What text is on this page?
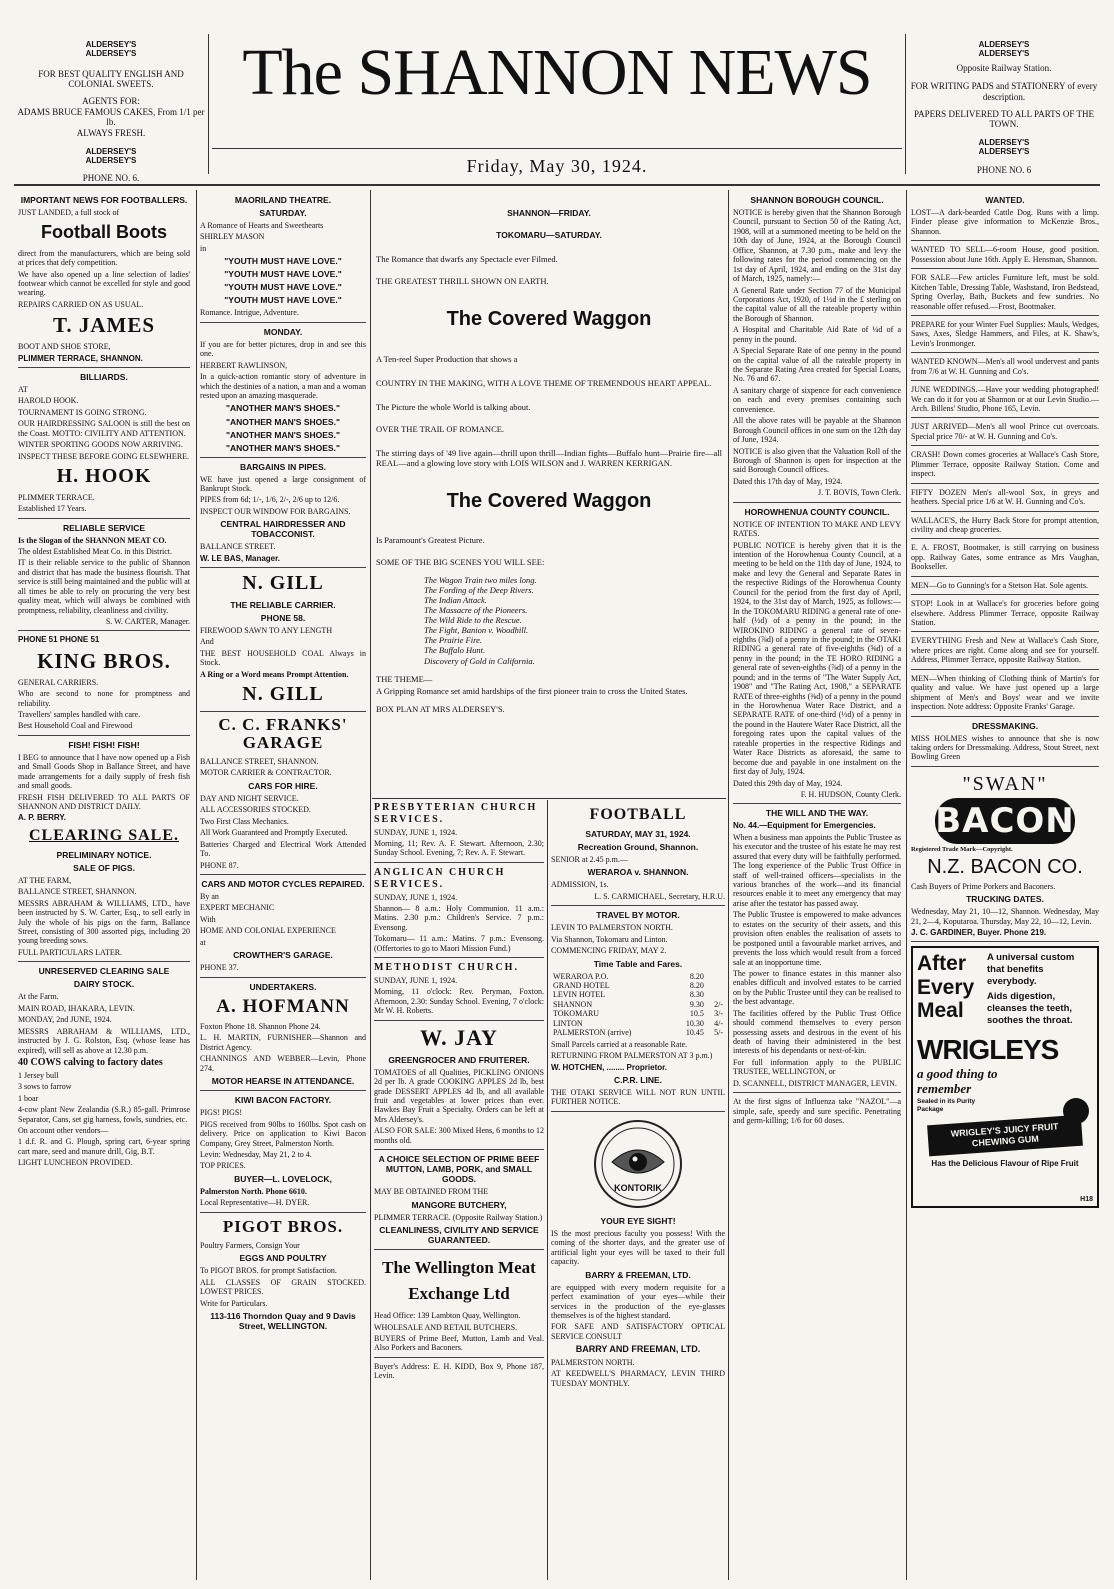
ALDERSEY'S
ALDERSEY'S
FOR BEST QUALITY ENGLISH AND COLONIAL SWEETS.
AGENTS FOR:
ADAMS BRUCE FAMOUS CAKES, From 1/1 per lb.
ALWAYS FRESH.
ALDERSEY'S
ALDERSEY'S
PHONE NO. 6.
The SHANNON NEWS
Friday, May 30, 1924.
ALDERSEY'S
ALDERSEY'S
Opposite Railway Station.
FOR WRITING PADS and STATIONERY of every description.
PAPERS DELIVERED TO ALL PARTS OF THE TOWN.
ALDERSEY'S
ALDERSEY'S
PHONE NO. 6
IMPORTANT NEWS FOR FOOTBALLERS.

JUST LANDED, a full stock of

Football Boots

direct from the manufacturers, which are being sold at prices that defy competition.

We have also opened up a line selection of ladies' footwear which cannot be excelled for style and good wearing.

REPAIRS CARRIED ON AS USUAL.

T. JAMES

BOOT AND SHOE STORE,

PLIMMER TERRACE, SHANNON.

BILLIARDS.

AT

HAROLD HOOK.

TOURNAMENT IS GOING STRONG.

OUR HAIRDRESSING SALOON is still the best on the Coast. MOTTO: CIVILITY AND ATTENTION.

WINTER SPORTING GOODS NOW ARRIVING.

INSPECT THESE BEFORE GOING ELSEWHERE.

H. HOOK

PLIMMER TERRACE.

Established 17 Years.

RELIABLE SERVICE

Is the Slogan of the SHANNON MEAT CO.

The oldest Established Meat Co. in this District.

IT is their reliable service to the public of Shannon and district that has made the business flourish. That service is still being maintained and the public will at all times be able to rely on procuring the very best quality meat, which will always be combined with promptness, reliability, cleanliness and civility.

S. W. CARTER, Manager.

PHONE 51 PHONE 51

KING BROS.

GENERAL CARRIERS.

Who are second to none for promptness and reliability.

Travellers' samples handled with care.

Best Household Coal and Firewood

FISH! FISH! FISH!

I BEG to announce that I have now opened up a Fish and Small Goods Shop in Ballance Street, and have made arrangements for a daily supply of fresh fish and small goods.

FRESH FISH DELIVERED TO ALL PARTS OF SHANNON AND DISTRICT DAILY.

A. P. BERRY.

CLEARING SALE.
PRELIMINARY NOTICE.
SALE OF PIGS.

AT THE FARM,

BALLANCE STREET, SHANNON.

MESSRS ABRAHAM & WILLIAMS, LTD., have been instructed by S. W. Carter, Esq., to sell early in July the whole of his pigs on the farm, Ballance Street, consisting of 300 assorted pigs, including 20 young breeding sows.

FULL PARTICULARS LATER.

UNRESERVED CLEARING SALE
DAIRY STOCK.

At the Farm.

MAIN ROAD, IHAKARA, LEVIN.

MONDAY, 2nd JUNE, 1924.

MESSRS ABRAHAM & WILLIAMS, LTD., instructed by J. G. Rolston, Esq. (whose lease has expired), will sell as above at 12.30 p.m.

40 COWS calving to factory dates

1 Jersey bull

3 sows to farrow

1 boar

4-cow plant New Zealandia (S.R.) 85-gall. Primrose Separator, Cans, set gig harness, fowls, sundries, etc.

On account other vendors—

1 d.f. R. and G. Plough, spring cart, 6-year spring cart mare, seed and manure drill, Gig, B.T.

LIGHT LUNCHEON PROVIDED.

MAORILAND THEATRE.
SATURDAY.

A Romance of Hearts and Sweethearts

SHIRLEY MASON

in

"YOUTH MUST HAVE LOVE."
"YOUTH MUST HAVE LOVE."
"YOUTH MUST HAVE LOVE."
"YOUTH MUST HAVE LOVE."

Romance. Intrigue, Adventure.

MONDAY.

If you are for better pictures, drop in and see this one.

HERBERT RAWLINSON,

In a quick-action romantic story of adventure in which the destinies of a nation, a man and a woman rested upon an amazing masquerade.

"ANOTHER MAN'S SHOES."
"ANOTHER MAN'S SHOES."
"ANOTHER MAN'S SHOES."
"ANOTHER MAN'S SHOES."
BARGAINS IN PIPES.

WE have just opened a large consignment of Bankrupt Stock.

PIPES from 6d; 1/-, 1/6, 2/-, 2/6 up to 12/6.

INSPECT OUR WINDOW FOR BARGAINS.

CENTRAL HAIRDRESSER AND TOBACCONIST.

BALLANCE STREET.

W. LE BAS, Manager.

N. GILL
THE RELIABLE CARRIER.
PHONE 58.

FIREWOOD SAWN TO ANY LENGTH

And

THE BEST HOUSEHOLD COAL Always in Stock.

A Ring or a Word means Prompt Attention.

N. GILL
C. C. FRANKS' GARAGE

BALLANCE STREET, SHANNON.

MOTOR CARRIER & CONTRACTOR.

CARS FOR HIRE.

DAY AND NIGHT SERVICE.

ALL ACCESSORIES STOCKED.

Two First Class Mechanics.

All Work Guaranteed and Promptly Executed.

Batteries Charged and Electrical Work Attended To.

PHONE 87.

CARS AND MOTOR CYCLES REPAIRED.

By an

EXPERT MECHANIC

With

HOME AND COLONIAL EXPERIENCE

at

CROWTHER'S GARAGE.

PHONE 37.

UNDERTAKERS.
A. HOFMANN

Foxton Phone 18. Shannon Phone 24.

L. H. MARTIN, FURNISHER—Shannon and District Agency.

CHANNINGS AND WEBBER—Levin, Phone 274.

MOTOR HEARSE IN ATTENDANCE.
KIWI BACON FACTORY.

PIGS! PIGS!

PIGS received from 90lbs to 160lbs. Spot cash on delivery. Price on application to Kiwi Bacon Company, Grey Street, Palmerston North.

Levin: Wednesday, May 21, 2 to 4.

TOP PRICES.

BUYER—L. LOVELOCK,

Palmerston North. Phone 6610.

Local Representative—H. DYER.

PIGOT BROS.

Poultry Farmers, Consign Your

EGGS AND POULTRY

To PIGOT BROS. for prompt Satisfaction.

ALL CLASSES OF GRAIN STOCKED. LOWEST PRICES.

Write for Particulars.

113-116 Thorndon Quay and 9 Davis Street, WELLINGTON.
SHANNON—FRIDAY.
TOKOMARU—SATURDAY.

The Romance that dwarfs any Spectacle ever Filmed.

THE GREATEST THRILL SHOWN ON EARTH.

The Covered Waggon

A Ten-reel Super Production that shows a

COUNTRY IN THE MAKING, WITH A LOVE THEME OF TREMENDOUS HEART APPEAL.

The Picture the whole World is talking about.

OVER THE TRAIL OF ROMANCE.

The stirring days of '49 live again—thrill upon thrill—Indian fights—Buffalo hunt—Prairie fire—all REAL—and a glowing love story with LOIS WILSON and J. WARREN KERRIGAN.

The Covered Waggon

Is Paramount's Greatest Picture.

SOME OF THE BIG SCENES YOU WILL SEE:

The Wagon Train two miles long.
The Fording of the Deep Rivers.
The Indian Attack.
The Massacre of the Pioneers.
The Wild Ride to the Rescue.
The Fight, Banion v. Woodhill.
The Prairie Fire.
The Buffalo Hunt.
Discovery of Gold in California.

THE THEME—

A Gripping Romance set amid hardships of the first pioneer train to cross the United States.

BOX PLAN AT MRS ALDERSEY'S.

PRESBYTERIAN CHURCH SERVICES.

SUNDAY, JUNE 1, 1924.

Morning, 11; Rev. A. F. Stewart. Afternoon, 2.30; Sunday School. Evening, 7; Rev. A. F. Stewart.

ANGLICAN CHURCH SERVICES.

SUNDAY, JUNE 1, 1924.

Shannon— 8 a.m.: Holy Communion. 11 a.m.: Matins. 2.30 p.m.: Children's Service. 7 p.m.: Evensong.

Tokomaru— 11 a.m.: Matins. 7 p.m.: Evensong. (Offertories to go to Maori Mission Fund.)

METHODIST CHURCH.

SUNDAY, JUNE 1, 1924.

Morning, 11 o'clock: Rev. Peryman, Foxton. Afternoon, 2.30: Sunday School. Evening, 7 o'clock: Mr W. H. Roberts.

W. JAY
GREENGROCER AND FRUITERER.

TOMATOES of all Qualities, PICKLING ONIONS 2d per lb. A grade COOKING APPLES 2d lb, best grade DESSERT APPLES 4d lb, and all available fruit and vegetables at lower prices than ever. Hawkes Bay Fruit a Specialty. Orders can be left at Mrs Aldersey's.

ALSO FOR SALE: 300 Mixed Hens, 6 months to 12 months old.

A CHOICE SELECTION OF PRIME BEEF MUTTON, LAMB, PORK, and SMALL GOODS.

MAY BE OBTAINED FROM THE

MANGORE BUTCHERY,

PLIMMER TERRACE. (Opposite Railway Station.)

CLEANLINESS, CIVILITY AND SERVICE GUARANTEED.
The Wellington Meat Exchange Ltd

Head Office: 139 Lambton Quay, Wellington.

WHOLESALE AND RETAIL BUTCHERS.

BUYERS of Prime Beef, Mutton, Lamb and Veal. Also Porkers and Baconers.

Buyer's Address: E. H. KIDD, Box 9, Phone 187, Levin.

FOOTBALL
SATURDAY, MAY 31, 1924.
Recreation Ground, Shannon.

SENIOR at 2.45 p.m.—

WERAROA v. SHANNON.

ADMISSION, 1s.

L. S. CARMICHAEL, Secretary, H.R.U.

TRAVEL BY MOTOR.

LEVIN TO PALMERSTON NORTH.

Via Shannon, Tokomaru and Linton.

COMMENCING FRIDAY, MAY 2.

Time Table and Fares.
WERAROA P.O.	8.20	
GRAND HOTEL	8.20	
LEVIN HOTEL	8.30	
SHANNON	9.30	2/-
TOKOMARU	10.5	3/-
LINTON	10.30	4/-
PALMERSTON (arrive)	10.45	5/-

Small Parcels carried at a reasonable Rate.

RETURNING FROM PALMERSTON AT 3 p.m.)

W. HOTCHEN, ........ Proprietor.

C.P.R. LINE.

THE OTAKI SERVICE WILL NOT RUN UNTIL FURTHER NOTICE.

KONTORIK
YOUR EYE SIGHT!

IS the most precious faculty you possess! With the coming of the shorter days, and the greater use of artificial light your eyes will be taxed to their full capacity.

BARRY & FREEMAN, LTD.

are equipped with every modern requisite for a perfect examination of your eyes—while their services in the production of the eye-glasses themselves is of the highest standard.

FOR SAFE AND SATISFACTORY OPTICAL SERVICE CONSULT

BARRY AND FREEMAN, LTD.

PALMERSTON NORTH.

AT KEEDWELL'S PHARMACY, LEVIN THIRD TUESDAY MONTHLY.

SHANNON BOROUGH COUNCIL.

NOTICE is hereby given that the Shannon Borough Council, pursuant to Section 50 of the Rating Act, 1908, will at a summoned meeting to be held on the 10th day of June, 1924, at the Borough Council Office, Shannon, at 7.30 p.m., make and levy the following rates for the period commencing on the 1st day of April, 1924, and ending on the 31st day of March, 1925, namely:—

A General Rate under Section 77 of the Municipal Corporations Act, 1920, of 1½d in the £ sterling on the capital value of all the rateable property within the Borough of Shannon.

A Hospital and Charitable Aid Rate of ¼d of a penny in the pound.

A Special Separate Rate of one penny in the pound on the capital value of all the rateable property in the Separate Rating Area created for Special Loans, No. 76 and 67.

A sanitary charge of sixpence for each convenience on each and every premises containing such convenience.

All the above rates will be payable at the Shannon Borough Council offices in one sum on the 12th day of June, 1924.

NOTICE is also given that the Valuation Roll of the Borough of Shannon is open for inspection at the said Borough Council offices.

Dated this 17th day of May, 1924.

J. T. BOVIS, Town Clerk.

HOROWHENUA COUNTY COUNCIL.

NOTICE OF INTENTION TO MAKE AND LEVY RATES.

PUBLIC NOTICE is hereby given that it is the intention of the Horowhenua County Council, at a meeting to be held on the 11th day of June, 1924, to make and levy the General and Separate Rates in the respective Ridings of the Horowhenua County Council for the period from the first day of April, 1924, to the 31st day of March, 1925, as follows:—In the TOKOMARU RIDING a general rate of one-half (½d) of a penny in the pound; in the WIROKINO RIDING a general rate of seven-eighths (⅞d) of a penny in the pound; in the OTAKI RIDING a general rate of five-eighths (⅝d) of a penny in the pound; in the TE HORO RIDING a general rate of seven-eighths (⅞d) of a penny in the pound; and in the terms of "The Water Supply Act, 1908" and "The Rating Act, 1908," a SEPARATE RATE of three-eighths (⅜d) of a penny in the pound in the Horowhenua Water Race District, and a SEPARATE RATE of one-third (⅓d) of a penny in the pound in the Hautere Water Race District, all the foregoing rates upon the capital values of the rateable properties in the respective Ridings and Water Race Districts as aforesaid, the same to become due and payable in one instalment on the first day of July, 1924.

Dated this 29th day of May, 1924.

F. H. HUDSON, County Clerk.

THE WILL AND THE WAY.
No. 44.—Equipment for Emergencies.

When a business man appoints the Public Trustee as his executor and the trustee of his estate he may rest assured that every duty will be faithfully performed. The long experience of the Public Trust Office in staff of well-trained officers—specialists in the various branches of the work—and its financial resources enable it to meet any emergency that may arise after the testator has passed away.

The Public Trustee is empowered to make advances to estates on the security of their assets, and this provision often enables the realisation of assets to be postponed until a favourable market arrives, and prevents the loss which would result from a forced sale at an inopportune time.

The power to finance estates in this manner also enables difficult and involved estates to be carried on by the Public Trustee until they can be realised to the best advantage.

The facilities offered by the Public Trust Office should commend themselves to every person possessing assets and desirous in the event of his death of having their administered in the best interests of his dependants or next-of-kin.

For full information apply to the PUBLIC TRUSTEE, WELLINGTON, or

D. SCANNELL, DISTRICT MANAGER, LEVIN.

At the first signs of Influenza take "NAZOL"—a simple, safe, speedy and sure specific. Penetrating and germ-killing; 1/6 for 60 doses.

WANTED.

LOST—A dark-bearded Cattle Dog. Runs with a limp. Finder please give information to McKenzie Bros., Shannon.

WANTED TO SELL—6-room House, good position. Possession about June 16th. Apply E. Hensman, Shannon.

FOR SALE—Few articles Furniture left, must be sold. Kitchen Table, Dressing Table, Washstand, Iron Bedstead, Spring Overlay, Bath, Buckets and few sundries. No reasonable offer refused.—Frost, Bootmaker.

PREPARE for your Winter Fuel Supplies: Mauls, Wedges, Saws, Axes, Sledge Hammers, and Files, at K. Shaw's, Levin's Ironmonger.

WANTED KNOWN—Men's all wool undervest and pants from 7/6 at W. H. Gunning and Co's.

JUNE WEDDINGS.—Have your wedding photographed! We can do it for you at Shannon or at our Levin Studio.—Arch. Billens' Studio, Phone 165, Levin.

JUST ARRIVED—Men's all wool Prince cut overcoats. Special price 70/- at W. H. Gunning and Co's.

CRASH! Down comes groceries at Wallace's Cash Store, Plimmer Terrace, opposite Railway Station. Come and inspect.

FIFTY DOZEN Men's all-wool Sox, in greys and heathers. Special price 1/6 at W. H. Gunning and Co's.

WALLACE'S, the Hurry Back Store for prompt attention, civility and cheap groceries.

E. A. FROST, Bootmaker, is still carrying on business opp. Railway Gates, some entrance as Mrs Vaughan, Bookseller.

MEN—Go to Gunning's for a Stetson Hat. Sole agents.

STOP! Look in at Wallace's for groceries before going elsewhere. Address Plimmer Terrace, opposite Railway Station.

EVERYTHING Fresh and New at Wallace's Cash Store, where prices are right. Come along and see for yourself. Address, Plimmer Terrace, opposite Railway Station.

MEN—When thinking of Clothing think of Martin's for quality and value. We have just opened up a large shipment of Men's and Boys' wear and we invite inspection. Note address: Opposite Franks' Garage.

DRESSMAKING.

MISS HOLMES wishes to announce that she is now taking orders for Dressmaking. Address, Stout Street, next Bowling Green

"SWAN"
BACON

Registered Trade Mark—Copyright.

N.Z. BACON CO.

Cash Buyers of Prime Porkers and Baconers.

TRUCKING DATES.

Wednesday, May 21, 10—12, Shannon. Wednesday, May 21, 2—4, Koputaroa. Thursday, May 22, 10—12, Levin.

J. C. GARDINER, Buyer. Phone 219.

After
Every
Meal
A universal custom that benefits everybody.
Aids digestion, cleanses the teeth, soothes the throat.
WRIGLEYS
a good thing to remember
Sealed in its Purity Package
WRIGLEY'S JUICY FRUIT CHEWING GUM
Has the Delicious Flavour of Ripe Fruit
H18
